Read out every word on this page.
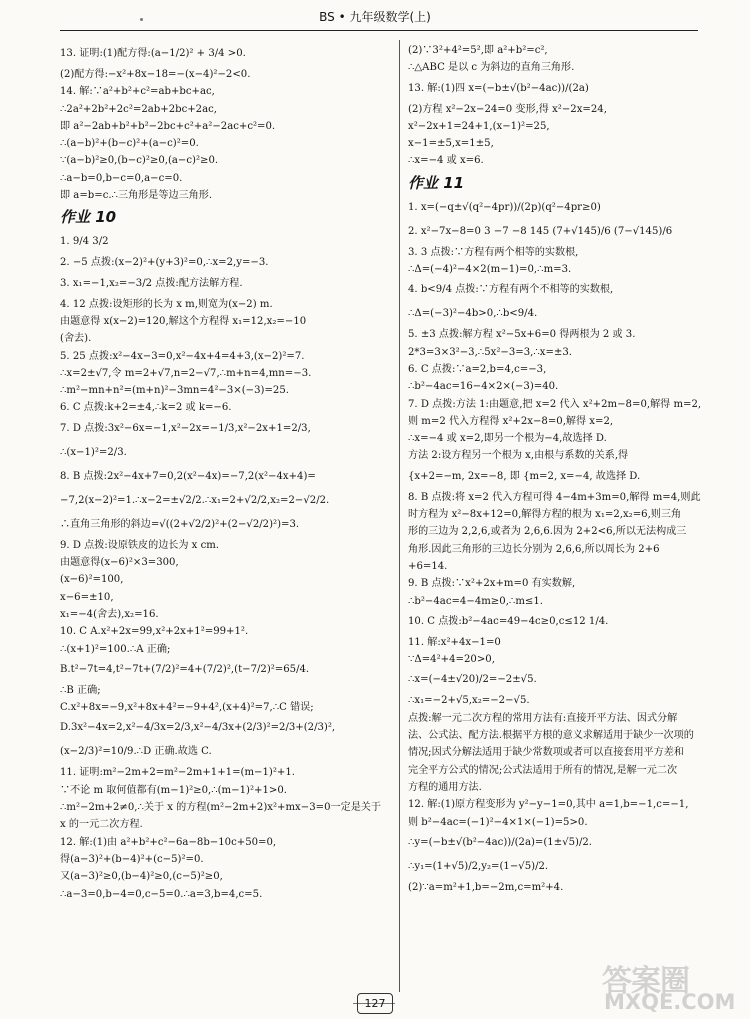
BS • 九年级数学(上)
13. 证明:(1)配方得:(a−1/2)² + 3/4 >0.
(2)配方得:−x²+8x−18=−(x−4)²−2<0.
14. 解:∵a²+b²+c²=ab+bc+ac,
∴2a²+2b²+2c²=2ab+2bc+2ac,
即 a²−2ab+b²+b²−2bc+c²+a²−2ac+c²=0.
∴(a−b)²+(b−c)²+(a−c)²=0.
∵(a−b)²≥0,(b−c)²≥0,(a−c)²≥0.
∴a−b=0,b−c=0,a−c=0.
即 a=b=c.∴三角形是等边三角形.
作业 10
1. 9/4 3/2
2. −5 点拨:(x−2)²+(y+3)²=0,∴x=2,y=−3.
3. x₁=−1,x₂=−3/2 点拨:配方法解方程.
4. 12 点拨:设矩形的长为 x m,则宽为(x−2) m.
由题意得 x(x−2)=120,解这个方程得 x₁=12,x₂=−10
(舍去).
5. 25 点拨:x²−4x−3=0,x²−4x+4=4+3,(x−2)²=7.
∴x=2±√7,令 m=2+√7,n=2−√7,∴m+n=4,mn=−3.
∴m²−mn+n²=(m+n)²−3mn=4²−3×(−3)=25.
6. C 点拨:k+2=±4,∴k=2 或 k=−6.
7. D 点拨:3x²−6x=−1,x²−2x=−1/3,x²−2x+1=2/3,
∴(x−1)²=2/3.
8. B 点拨:2x²−4x+7=0,2(x²−4x)=−7,2(x²−4x+4)=
−7,2(x−2)²=1.∴x−2=±√2/2.∴x₁=2+√2/2,x₂=2−√2/2.
∴直角三角形的斜边=√((2+√2/2)²+(2−√2/2)²)=3.
9. D 点拨:设原铁皮的边长为 x cm.
由题意得(x−6)²×3=300,
(x−6)²=100,
x−6=±10,
x₁=−4(舍去),x₂=16.
10. C A.x²+2x=99,x²+2x+1²=99+1².
∴(x+1)²=100.∴A 正确;
B.t²−7t=4,t²−7t+(7/2)²=4+(7/2)²,(t−7/2)²=65/4.
∴B 正确;
C.x²+8x=−9,x²+8x+4²=−9+4²,(x+4)²=7,∴C 错误;
D.3x²−4x=2,x²−4/3x=2/3,x²−4/3x+(2/3)²=2/3+(2/3)²,
(x−2/3)²=10/9.∴D 正确.故选 C.
11. 证明:m²−2m+2=m²−2m+1+1=(m−1)²+1.
∵不论 m 取何值都有(m−1)²≥0,∴(m−1)²+1>0.
∴m²−2m+2≠0,∴关于 x 的方程(m²−2m+2)x²+mx−3=0一定是关于
x 的一元二次方程.
12. 解:(1)由 a²+b²+c²−6a−8b−10c+50=0,
得(a−3)²+(b−4)²+(c−5)²=0.
又(a−3)²≥0,(b−4)²≥0,(c−5)²≥0,
∴a−3=0,b−4=0,c−5=0.∴a=3,b=4,c=5.
(2)∵3²+4²=5²,即 a²+b²=c²,
∴△ABC 是以 c 为斜边的直角三角形.
13. 解:(1)四 x=(−b±√(b²−4ac))/(2a)
(2)方程 x²−2x−24=0 变形,得 x²−2x=24,
x²−2x+1=24+1,(x−1)²=25,
x−1=±5,x=1±5,
∴x=−4 或 x=6.
作业 11
1. x=(−q±√(q²−4pr))/(2p)(q²−4pr≥0)
2. x²−7x−8=0 3 −7 −8 145 (7+√145)/6 (7−√145)/6
3. 3 点拨:∵方程有两个相等的实数根,
∴Δ=(−4)²−4×2(m−1)=0,∴m=3.
4. b<9/4 点拨:∵方程有两个不相等的实数根,
∴Δ=(−3)²−4b>0,∴b<9/4.
5. ±3 点拨:解方程 x²−5x+6=0 得两根为 2 或 3.
2*3=3×3²−3,∴5x²−3=3,∴x=±3.
6. C 点拨:∵a=2,b=4,c=−3,
∴b²−4ac=16−4×2×(−3)=40.
7. D 点拨:方法 1:由题意,把 x=2 代入 x²+2m−8=0,解得 m=2,
则 m=2 代入方程得 x²+2x−8=0,解得 x=2,
∴x=−4 或 x=2,即另一个根为−4,故选择 D.
方法 2:设方程另一个根为 x,由根与系数的关系,得
{x+2=−m, 2x=−8, 即 {m=2, x=−4, 故选择 D.
8. B 点拨:将 x=2 代入方程可得 4−4m+3m=0,解得 m=4,则此
时方程为 x²−8x+12=0,解得方程的根为 x₁=2,x₂=6,则三角
形的三边为 2,2,6,或者为 2,6,6.因为 2+2<6,所以无法构成三
角形.因此三角形的三边长分别为 2,6,6,所以周长为 2+6
+6=14.
9. B 点拨:∵x²+2x+m=0 有实数解,
∴b²−4ac=4−4m≥0,∴m≤1.
10. C 点拨:b²−4ac=49−4c≥0,c≤12 1/4.
11. 解:x²+4x−1=0
∵Δ=4²+4=20>0,
∴x=(−4±√20)/2=−2±√5.
∴x₁=−2+√5,x₂=−2−√5.
点拨:解一元二次方程的常用方法有:直接开平方法、因式分解
法、公式法、配方法.根据平方根的意义求解适用于缺少一次项的
情况;因式分解法适用于缺少常数项或者可以直接套用平方差和
完全平方公式的情况;公式法适用于所有的情况,是解一元二次
方程的通用方法.
12. 解:(1)原方程变形为 y²−y−1=0,其中 a=1,b=−1,c=−1,
则 b²−4ac=(−1)²−4×1×(−1)=5>0.
∴y=(−b±√(b²−4ac))/(2a)=(1±√5)/2.
∴y₁=(1+√5)/2,y₂=(1−√5)/2.
(2)∵a=m²+1,b=−2m,c=m²+4.
127
答案圈
MXQE.COM
